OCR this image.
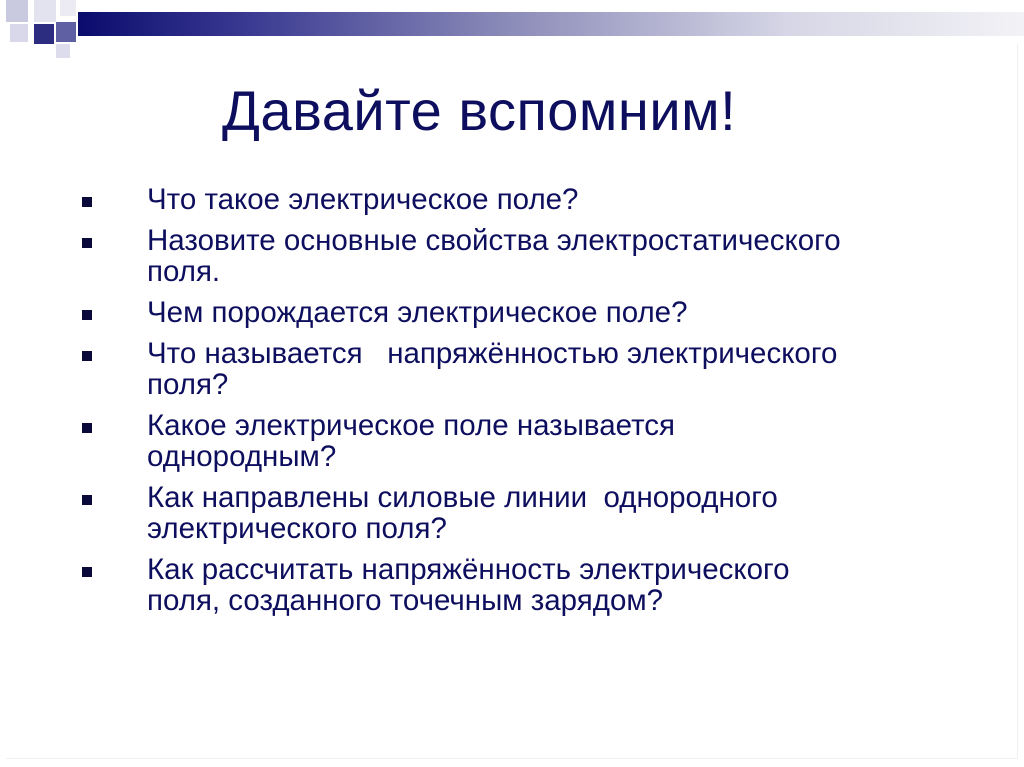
Давайте вспомним!
Что такое электрическое поле?
Назовите основные свойства электростатического
поля.
Чем порождается электрическое поле?
Что называется   напряжённостью электрического
поля?
Какое электрическое поле называется
однородным?
Как направлены силовые линии  однородного
электрического поля?
Как рассчитать напряжённость электрического
поля, созданного точечным зарядом?
